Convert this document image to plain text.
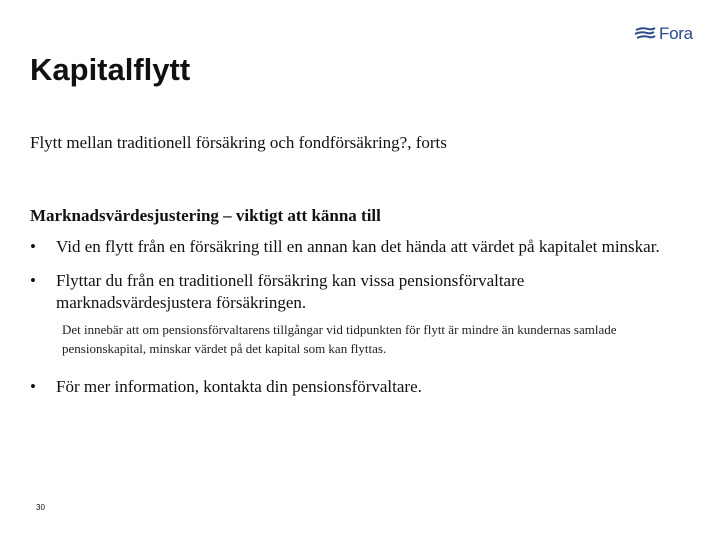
Fora
Kapitalflytt
Flytt mellan traditionell försäkring och fondförsäkring?, forts
Marknadsvärdesjustering – viktigt att känna till
• Vid en flytt från en försäkring till en annan kan det hända att värdet på kapitalet minskar.
• Flyttar du från en traditionell försäkring kan vissa pensionsförvaltare marknadsvärdesjustera försäkringen.

Det innebär att om pensionsförvaltarens tillgångar vid tidpunkten för flytt är mindre än kundernas samlade pensionskapital, minskar värdet på det kapital som kan flyttas.

• För mer information, kontakta din pensionsförvaltare.
30
